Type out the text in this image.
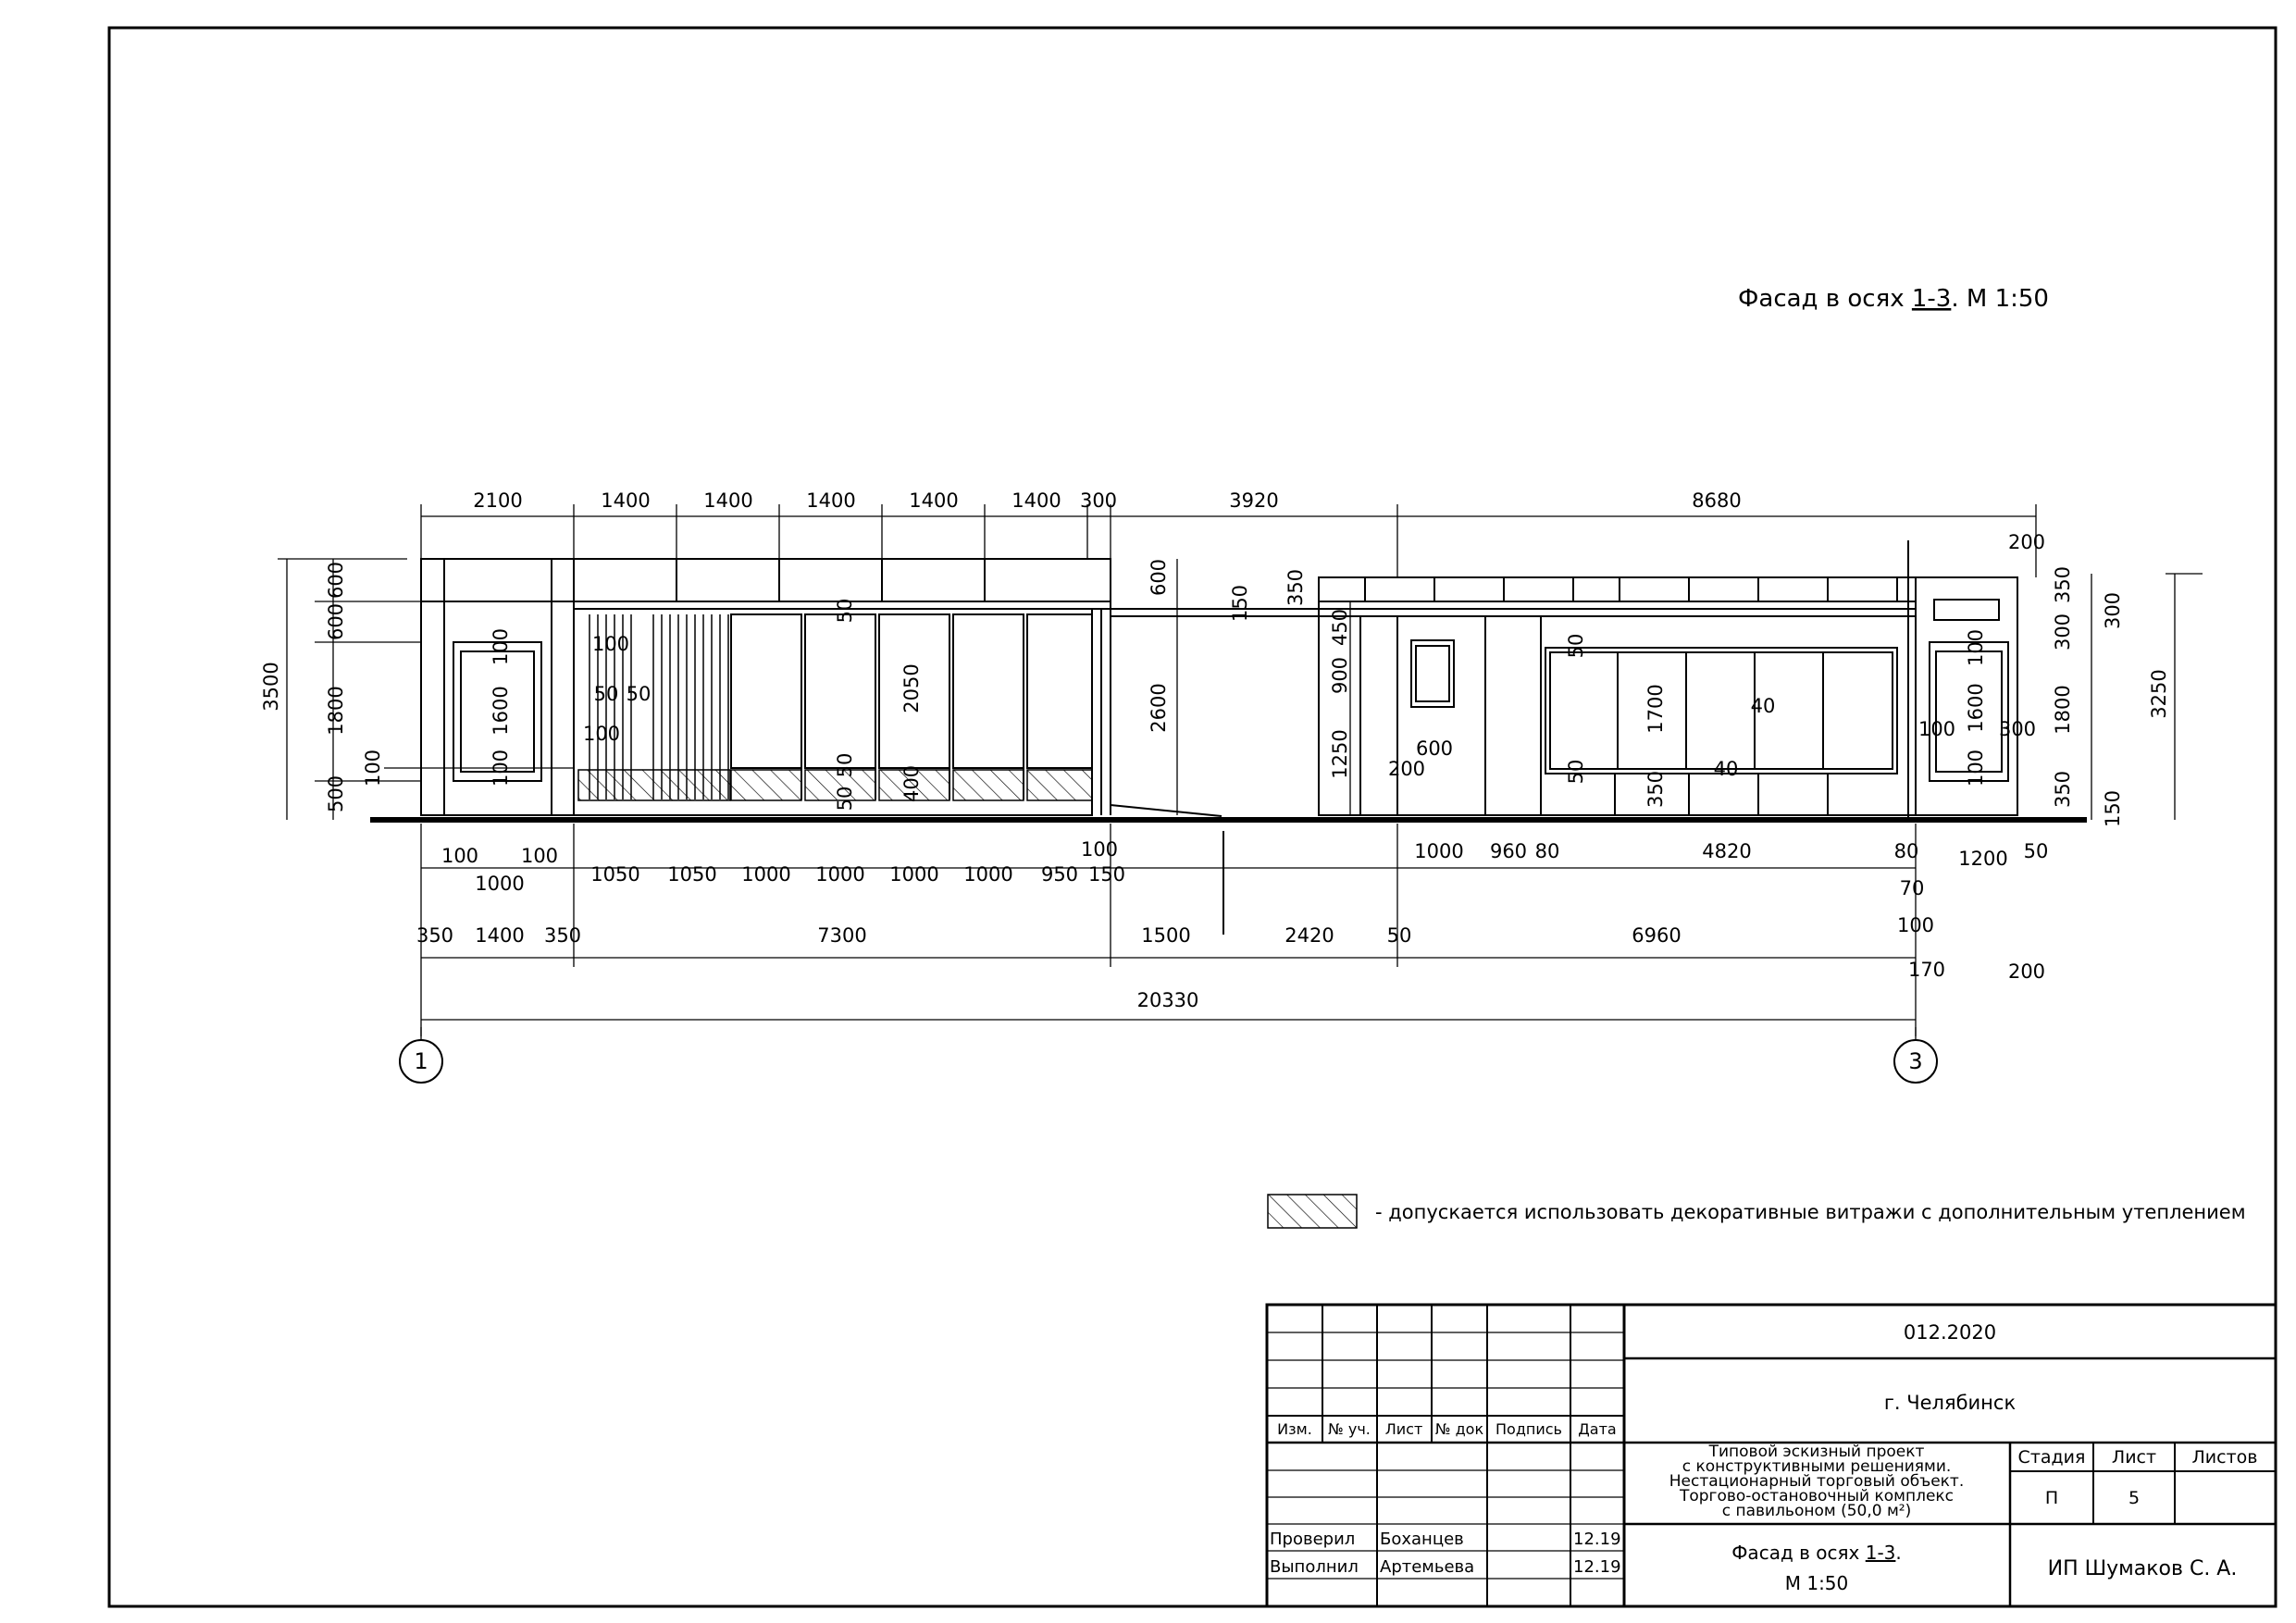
Фасад в осях 1-3. М 1:50
2100	1400	1400	1400	1400	1400 300	3920	8680
200
600
600
1800
500
3500
100
1600
100
100
100
50 50
100
50
2050
50
50 400
600
2600
150 350
450
900
1250 200
600
50
1700	40
40
50	350
350
300
300
1800
350
150
3250
100
1600
100
100 300
100 100
1000	1050 1050 1000 1000 1000 1000 950
100
150
1000 960 80	4820	80 1200 50
70
350 1400 350	7300	1500	2420	50	6960	100
170	200
20330
1	3
- допускается использовать декоративные витражи с дополнительным утеплением
Изм. № уч. Лист № док Подпись Дата
Проверил Боханцев	12.19
Выполнил Артемьева	12.19
012.2020
г. Челябинск
Типовой эскизный проект
с конструктивными решениями.
Нестационарный торговый объект.
Торгово-остановочный комплекс
с павильоном (50,0 м²)
Стадия Лист Листов
П	5
Фасад в осях 1-3.
М 1:50
ИП Шумаков С. А.
